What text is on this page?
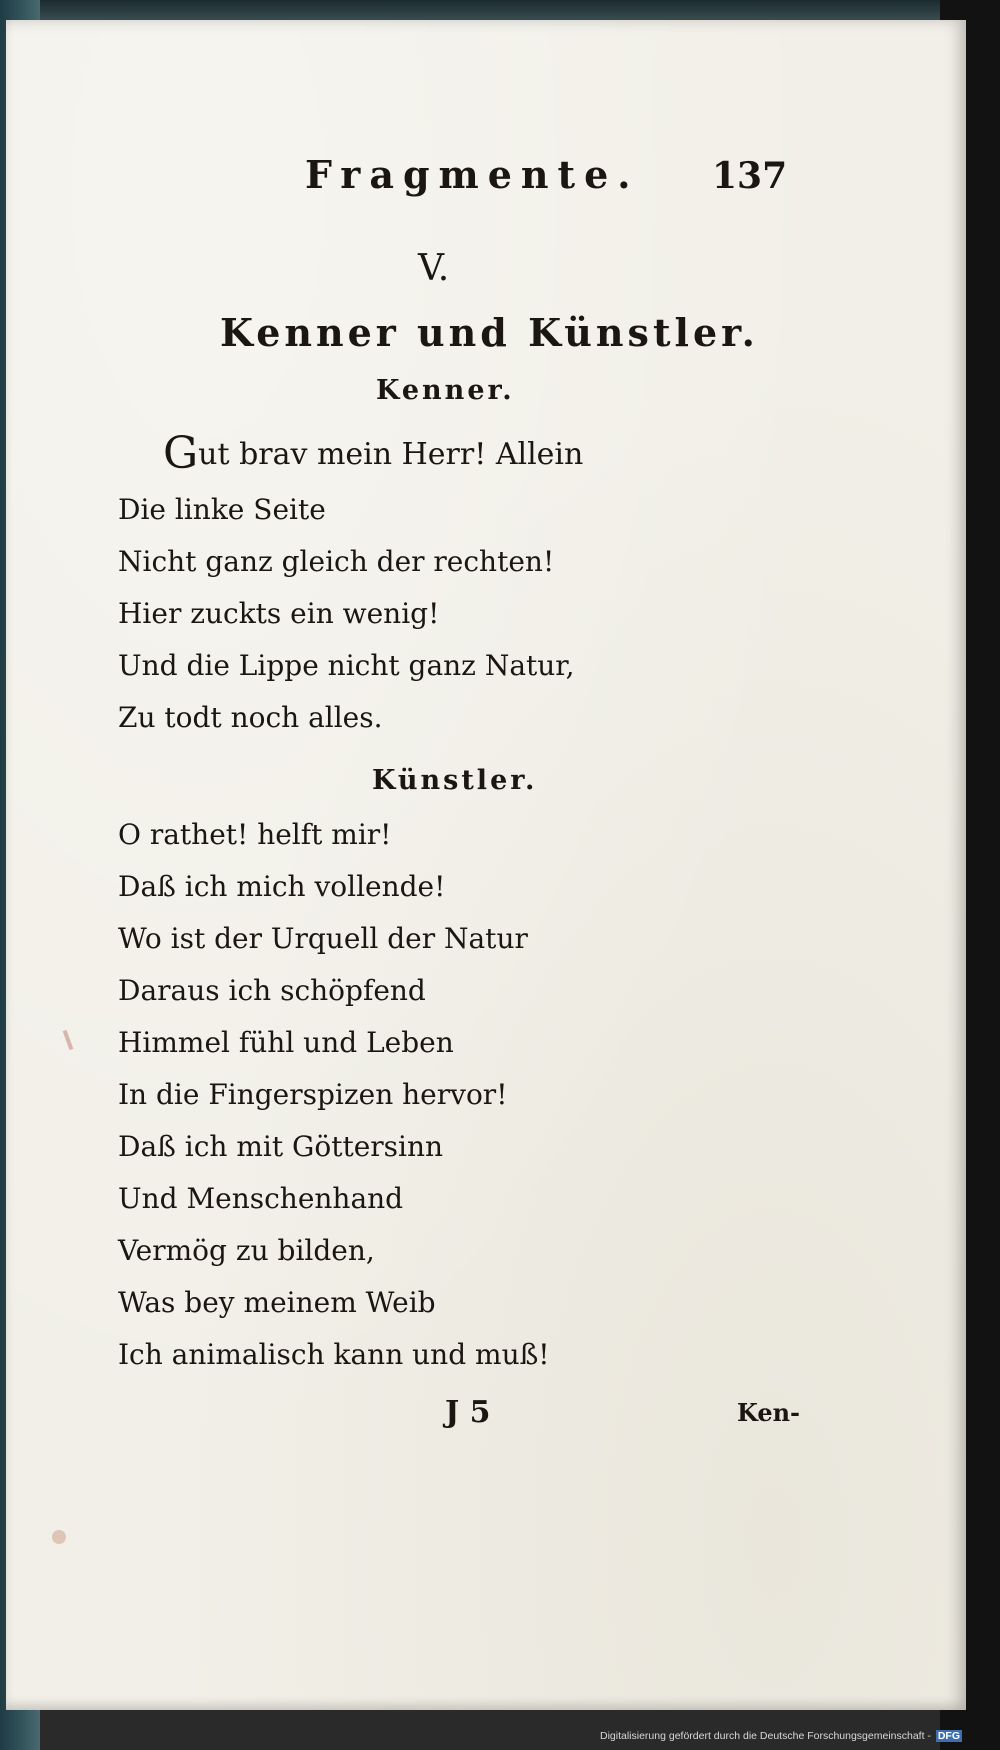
Fragmente. 137
V.
Kenner und Künstler.
Kenner.
Gut brav mein Herr! Allein
Die linke Seite
Nicht ganz gleich der rechten!
Hier zuckts ein wenig!
Und die Lippe nicht ganz Natur,
Zu todt noch alles.
Künstler.
O rathet! helft mir!
Daß ich mich vollende!
Wo ist der Urquell der Natur
Daraus ich schöpfend
Himmel fühl und Leben
In die Fingerspizen hervor!
Daß ich mit Göttersinn
Und Menschenhand
Vermög zu bilden,
Was bey meinem Weib
Ich animalisch kann und muß!
J 5	Ken-
Digitalisierung gefördert durch die Deutsche Forschungsgemeinschaft - DFG
